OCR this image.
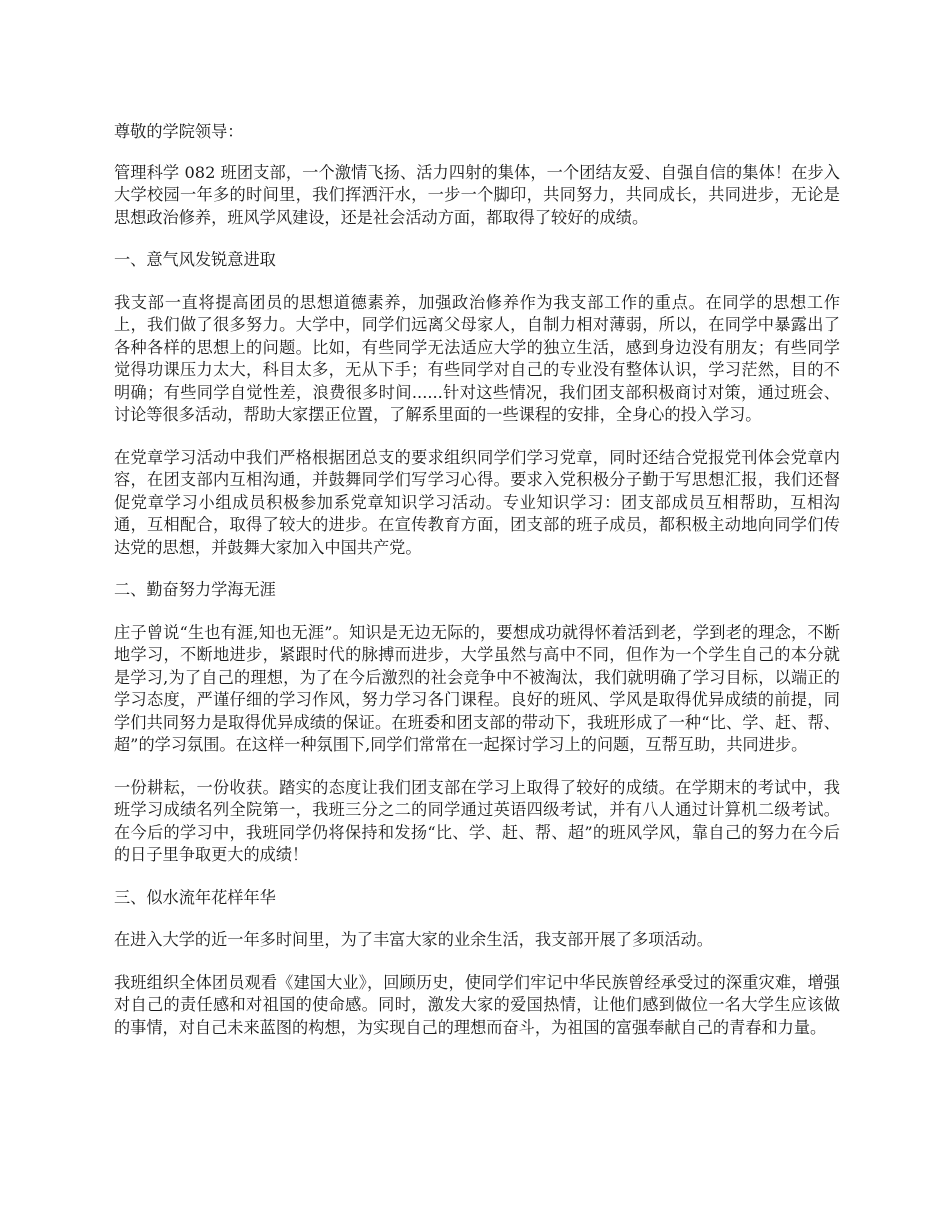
尊敬的学院领导：

管理科学 082 班团支部，一个激情飞扬、活力四射的集体，一个团结友爱、自强自信的集体！在步入大学校园一年多的时间里，我们挥洒汗水，一步一个脚印，共同努力，共同成长，共同进步，无论是思想政治修养，班风学风建设，还是社会活动方面，都取得了较好的成绩。

一、意气风发锐意进取

我支部一直将提高团员的思想道德素养，加强政治修养作为我支部工作的重点。在同学的思想工作上，我们做了很多努力。大学中，同学们远离父母家人，自制力相对薄弱，所以，在同学中暴露出了各种各样的思想上的问题。比如，有些同学无法适应大学的独立生活，感到身边没有朋友；有些同学觉得功课压力太大，科目太多，无从下手；有些同学对自己的专业没有整体认识，学习茫然，目的不明确；有些同学自觉性差，浪费很多时间......针对这些情况，我们团支部积极商讨对策，通过班会、讨论等很多活动，帮助大家摆正位置，了解系里面的一些课程的安排，全身心的投入学习。

在党章学习活动中我们严格根据团总支的要求组织同学们学习党章，同时还结合党报党刊体会党章内容，在团支部内互相沟通，并鼓舞同学们写学习心得。要求入党积极分子勤于写思想汇报，我们还督促党章学习小组成员积极参加系党章知识学习活动。专业知识学习：团支部成员互相帮助，互相沟通，互相配合，取得了较大的进步。在宣传教育方面，团支部的班子成员，都积极主动地向同学们传达党的思想，并鼓舞大家加入中国共产党。

二、勤奋努力学海无涯

庄子曾说“生也有涯,知也无涯”。知识是无边无际的，要想成功就得怀着活到老，学到老的理念，不断地学习，不断地进步，紧跟时代的脉搏而进步，大学虽然与高中不同，但作为一个学生自己的本分就是学习,为了自己的理想，为了在今后激烈的社会竞争中不被淘汰，我们就明确了学习目标，以端正的学习态度，严谨仔细的学习作风，努力学习各门课程。良好的班风、学风是取得优异成绩的前提，同学们共同努力是取得优异成绩的保证。在班委和团支部的带动下，我班形成了一种“比、学、赶、帮、超”的学习氛围。在这样一种氛围下,同学们常常在一起探讨学习上的问题，互帮互助，共同进步。

一份耕耘，一份收获。踏实的态度让我们团支部在学习上取得了较好的成绩。在学期末的考试中，我班学习成绩名列全院第一，我班三分之二的同学通过英语四级考试，并有八人通过计算机二级考试。在今后的学习中，我班同学仍将保持和发扬“比、学、赶、帮、超”的班风学风，靠自己的努力在今后的日子里争取更大的成绩！

三、似水流年花样年华

在进入大学的近一年多时间里，为了丰富大家的业余生活，我支部开展了多项活动。

我班组织全体团员观看《建国大业》，回顾历史，使同学们牢记中华民族曾经承受过的深重灾难，增强对自己的责任感和对祖国的使命感。同时，激发大家的爱国热情，让他们感到做位一名大学生应该做的事情，对自己未来蓝图的构想，为实现自己的理想而奋斗，为祖国的富强奉献自己的青春和力量。
